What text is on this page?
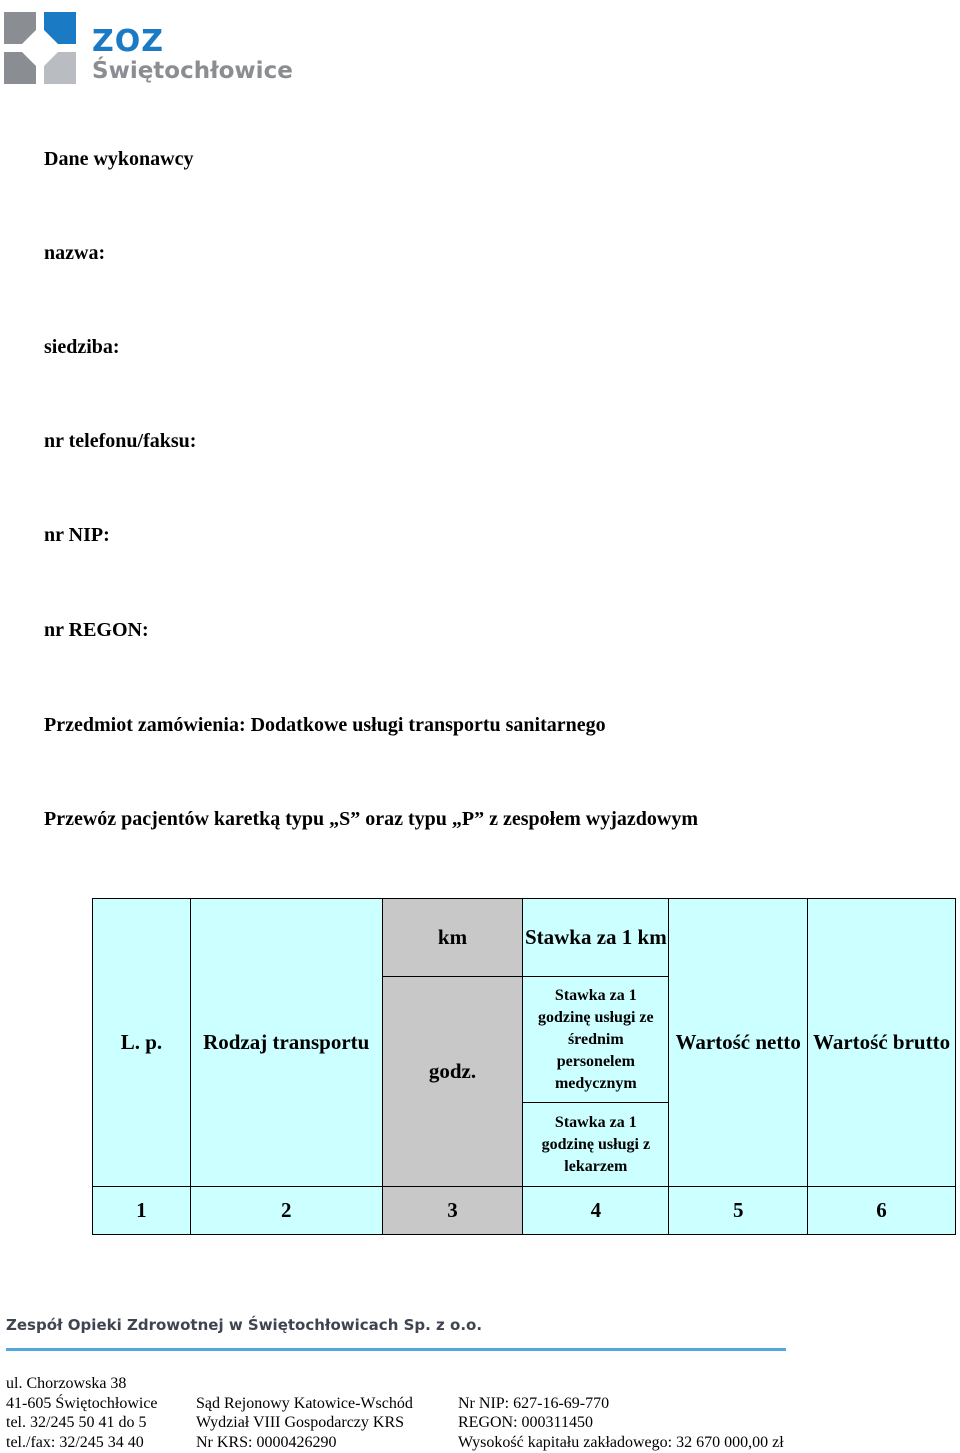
ZOZ
Świętochłowice
Dane wykonawcy
nazwa:
siedziba:
nr telefonu/faksu:
nr NIP:
nr REGON:
Przedmiot zamówienia: Dodatkowe usługi transportu sanitarnego
Przewóz pacjentów karetką typu „S” oraz typu „P” z zespołem wyjazdowym
L. p.	Rodzaj transportu	km	Stawka za 1 km	Wartość netto	Wartość brutto
		godz.	Stawka za 1 godzinę usługi ze średnim personelem medycznym		
			Stawka za 1 godzinę usługi z lekarzem		
1	2	3	4	5	6
Zespół Opieki Zdrowotnej w Świętochłowicach Sp. z o.o.
ul. Chorzowska 38
41-605 Świętochłowice
tel. 32/245 50 41 do 5
tel./fax: 32/245 34 40
Sąd Rejonowy Katowice-Wschód
Wydział VIII Gospodarczy KRS
Nr KRS: 0000426290
Nr NIP: 627-16-69-770
REGON: 000311450
Wysokość kapitału zakładowego: 32 670 000,00 zł
